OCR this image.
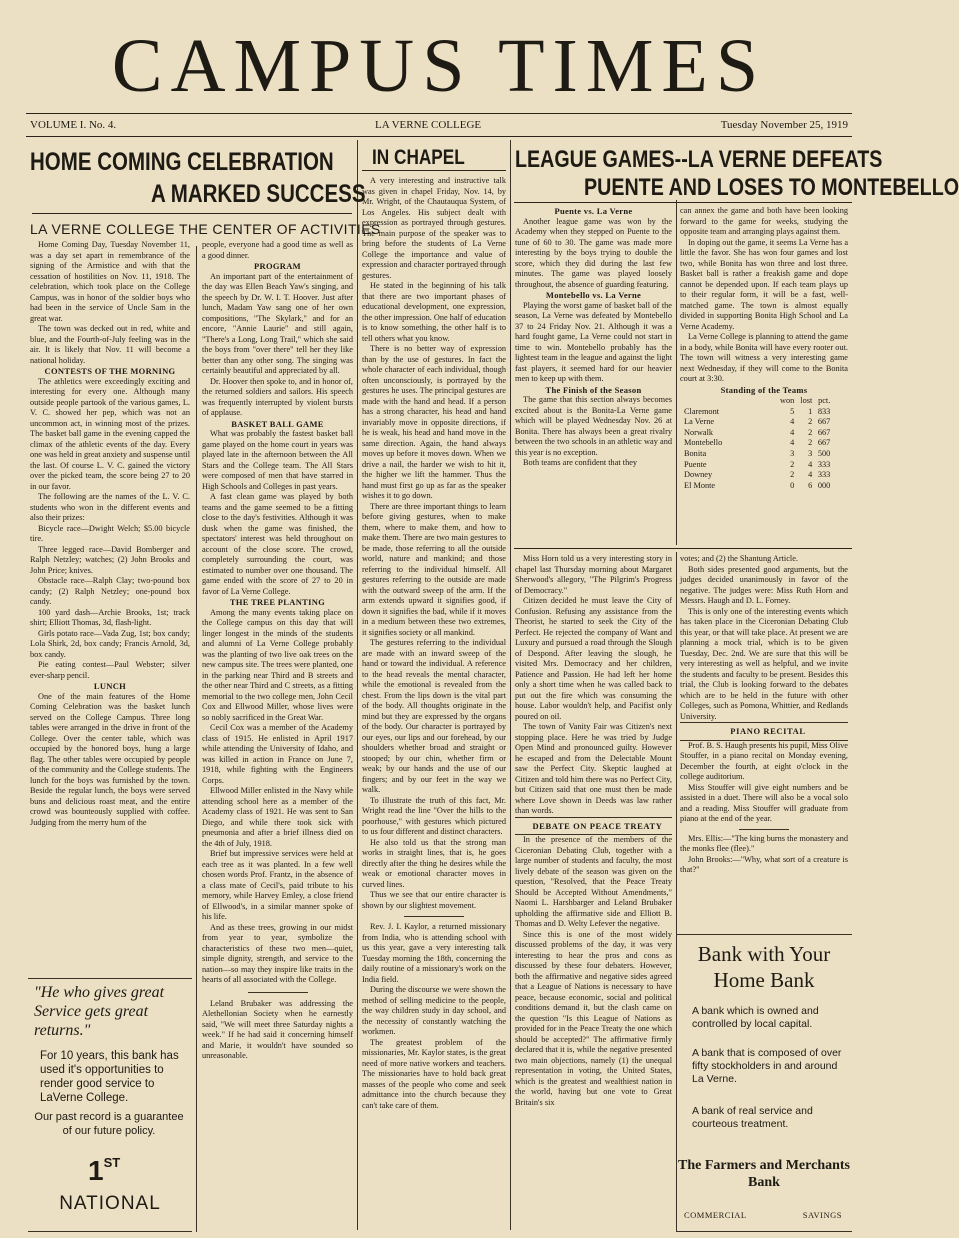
CAMPUS TIMES
VOLUME I. No. 4.	LA VERNE COLLEGE	Tuesday November 25, 1919
HOME COMING CELEBRATION
A MARKED SUCCESS
LA VERNE COLLEGE THE CENTER OF ACTIVITIES

Home Coming Day, Tuesday November 11, was a day set apart in remembrance of the signing of the Armistice and with that the cessation of hostilities on Nov. 11, 1918. The celebration, which took place on the College Campus, was in honor of the soldier boys who had been in the service of Uncle Sam in the great war.

The town was decked out in red, white and blue, and the Fourth-of-July feeling was in the air. It is likely that Nov. 11 will become a national holiday.

CONTESTS OF THE MORNING

The athletics were exceedingly exciting and interesting for every one. Although many outside people partook of the various games, L. V. C. showed her pep, which was not an uncommon act, in winning most of the prizes. The basket ball game in the evening capped the climax of the athletic events of the day. Every one was held in great anxiety and suspense until the last. Of course L. V. C. gained the victory over the picked team, the score being 27 to 20 in our favor.

The following are the names of the L. V. C. students who won in the different events and also their prizes:

Bicycle race—Dwight Welch; $5.00 bicycle tire.

Three legged race—David Bomberger and Ralph Netzley; watches; (2) John Brooks and John Price; knives.

Obstacle race—Ralph Clay; two-pound box candy; (2) Ralph Netzley; one-pound box candy.

100 yard dash—Archie Brooks, 1st; track shirt; Elliott Thomas, 3d, flash-light.

Girls potato race—Vada Zug, 1st; box candy; Lola Shirk, 2d, box candy; Francis Arnold, 3d, box candy.

Pie eating contest—Paul Webster; silver ever-sharp pencil.

LUNCH

One of the main features of the Home Coming Celebration was the basket lunch served on the College Campus. Three long tables were arranged in the drive in front of the College. Over the center table, which was occupied by the honored boys, hung a large flag. The other tables were occupied by people of the community and the College students. The lunch for the boys was furnished by the town. Beside the regular lunch, the boys were served buns and delicious roast meat, and the entire crowd was bounteously supplied with coffee. Judging from the merry hum of the

people, everyone had a good time as well as a good dinner.

PROGRAM

An important part of the entertainment of the day was Ellen Beach Yaw's singing, and the speech by Dr. W. I. T. Hoover. Just after lunch, Madam Yaw sang one of her own compositions, "The Skylark," and for an encore, "Annie Laurie" and still again, "There's a Long, Long Trail," which she said the boys from "over there" tell her they like better than any other song. The singing was certainly beautiful and appreciated by all.

Dr. Hoover then spoke to, and in honor of, the returned soldiers and sailors. His speech was frequently interrupted by violent bursts of applause.

BASKET BALL GAME

What was probably the fastest basket ball game played on the home court in years was played late in the afternoon between the All Stars and the College team. The All Stars were composed of men that have starred in High Schools and Colleges in past years.

A fast clean game was played by both teams and the game seemed to be a fitting close to the day's festivities. Although it was dusk when the game was finished, the spectators' interest was held throughout on account of the close score. The crowd, completely surrounding the court, was estimated to number over one thousand. The game ended with the score of 27 to 20 in favor of La Verne College.

THE TREE PLANTING

Among the many events taking place on the College campus on this day that will linger longest in the minds of the students and alumni of La Verne College probably was the planting of two live oak trees on the new campus site. The trees were planted, one in the parking near Third and B streets and the other near Third and C streets, as a fitting memorial to the two college men, John Cecil Cox and Ellwood Miller, whose lives were so nobly sacrificed in the Great War.

Cecil Cox was a member of the Academy class of 1915. He enlisted in April 1917 while attending the University of Idaho, and was killed in action in France on June 7, 1918, while fighting with the Engineers Corps.

Ellwood Miller enlisted in the Navy while attending school here as a member of the Academy class of 1921. He was sent to San Diego, and while there took sick with pneumonia and after a brief illness died on the 4th of July, 1918.

Brief but impressive services were held at each tree as it was planted. In a few well chosen words Prof. Frantz, in the absence of a class mate of Cecil's, paid tribute to his memory, while Harvey Emley, a close friend of Ellwood's, in a similar manner spoke of his life.

And as these trees, growing in our midst from year to year, symbolize the characteristics of these two men—quiet, simple dignity, strength, and service to the nation—so may they inspire like traits in the hearts of all associated with the College.

Leland Brubaker was addressing the Alethellonian Society when he earnestly said, "We will meet three Saturday nights a week." If he had said it concerning himself and Marie, it wouldn't have sounded so unreasonable.

"He who gives great Service gets great returns."
For 10 years, this bank has used it's opportunities to render good service to LaVerne College.
Our past record is a guarantee of our future policy.
1ST
NATIONAL
IN CHAPEL

A very interesting and instructive talk was given in chapel Friday, Nov. 14, by Mr. Wright, of the Chautauqua System, of Los Angeles. His subject dealt with expression as portrayed through gestures. The main purpose of the speaker was to bring before the students of La Verne College the importance and value of expression and character portrayed through gestures.

He stated in the beginning of his talk that there are two important phases of educational development, one expression, the other impression. One half of education is to know something, the other half is to tell others what you know.

There is no better way of expression than by the use of gestures. In fact the whole character of each individual, though often unconsciously, is portrayed by the gestures he uses. The principal gestures are made with the hand and head. If a person has a strong character, his head and hand invariably move in opposite directions, if he is weak, his head and hand move in the same direction. Again, the hand always moves up before it moves down. When we drive a nail, the harder we wish to hit it, the higher we lift the hammer. Thus the hand must first go up as far as the speaker wishes it to go down.

There are three important things to learn before giving gestures, when to make them, where to make them, and how to make them. There are two main gestures to be made, those referring to all the outside world, nature and mankind; and those referring to the individual himself. All gestures referring to the outside are made with the outward sweep of the arm. If the arm extends upward it signifies good, if down it signifies the bad, while if it moves in a medium between these two extremes, it signifies society or all mankind.

The gestures referring to the individual are made with an inward sweep of the hand or toward the individual. A reference to the head reveals the mental character, while the emotional is revealed from the chest. From the lips down is the vital part of the body. All thoughts originate in the mind but they are expressed by the organs of the body. Our character is portrayed by our eyes, our lips and our forehead, by our shoulders whether broad and straight or stooped; by our chin, whether firm or weak; by our hands and the use of our fingers; and by our feet in the way we walk.

To illustrate the truth of this fact, Mr. Wright read the line "Over the hills to the poorhouse," with gestures which pictured to us four different and distinct characters.

He also told us that the strong man works in straight lines, that is, he goes directly after the thing he desires while the weak or emotional character moves in curved lines.

Thus we see that our entire character is shown by our slightest movement.

Rev. J. I. Kaylor, a returned missionary from India, who is attending school with us this year, gave a very interesting talk Tuesday morning the 18th, concerning the daily routine of a missionary's work on the India field.

During the discourse we were shown the method of selling medicine to the people, the way children study in day school, and the necessity of constantly watching the workmen.

The greatest problem of the missionaries, Mr. Kaylor states, is the great need of more native workers and teachers. The missionaries have to hold back great masses of the people who come and seek admittance into the church because they can't take care of them.

LEAGUE GAMES--LA VERNE DEFEATS
PUENTE AND LOSES TO MONTEBELLO

Puente vs. La Verne

Another league game was won by the Academy when they stepped on Puente to the tune of 60 to 30. The game was made more interesting by the boys trying to double the score, which they did during the last few minutes. The game was played loosely throughout, the absence of guarding featuring.

Montebello vs. La Verne

Playing the worst game of basket ball of the season, La Verne was defeated by Montebello 37 to 24 Friday Nov. 21. Although it was a hard fought game, La Verne could not start in time to win. Montebello probably has the lightest team in the league and against the light fast players, it seemed hard for our heavier men to keep up with them.

The Finish of the Season

The game that this section always becomes excited about is the Bonita-La Verne game which will be played Wednesday Nov. 26 at Bonita. There has always been a great rivalry between the two schools in an athletic way and this year is no exception.

Both teams are confident that they

can annex the game and both have been looking forward to the game for weeks, studying the opposite team and arranging plays against them.

In doping out the game, it seems La Verne has a little the favor. She has won four games and lost two, while Bonita has won three and lost three. Basket ball is rather a freakish game and dope cannot be depended upon. If each team plays up to their regular form, it will be a fast, well-matched game. The town is almost equally divided in supporting Bonita High School and La Verne Academy.

La Verne College is planning to attend the game in a body, while Bonita will have every rooter out. The town will witness a very interesting game next Wednesday, if they will come to the Bonita court at 3:30.

Standing of the Teams

	won	lost	pct.
Claremont	5	1	833
La Verne	4	2	667
Norwalk	4	2	667
Montebello	4	2	667
Bonita	3	3	500
Puente	2	4	333
Downey	2	4	333
El Monte	0	6	000

Miss Horn told us a very interesting story in chapel last Thursday morning about Margaret Sherwood's allegory, "The Pilgrim's Progress of Democracy."

Citizen decided he must leave the City of Confusion. Refusing any assistance from the Theorist, he started to seek the City of the Perfect. He rejected the company of Want and Luxury and pursued a road through the Slough of Despond. After leaving the slough, he visited Mrs. Democracy and her children, Patience and Passion. He had left her home only a short time when he was called back to put out the fire which was consuming the house. Labor wouldn't help, and Pacifist only poured on oil.

The town of Vanity Fair was Citizen's next stopping place. Here he was tried by Judge Open Mind and pronounced guilty. However he escaped and from the Delectable Mount saw the Perfect City. Skeptic laughed at Citizen and told him there was no Perfect City, but Citizen said that one must then be made where Love shown in Deeds was law rather than words.

DEBATE ON PEACE TREATY

In the presence of the members of the Ciceronian Debating Club, together with a large number of students and faculty, the most lively debate of the season was given on the question, "Resolved, that the Peace Treaty Should be Accepted Without Amendments," Naomi L. Harshbarger and Leland Brubaker upholding the affirmative side and Elliott B. Thomas and D. Welty Lefever the negative.

Since this is one of the most widely discussed problems of the day, it was very interesting to hear the pros and cons as discussed by these four debaters. However, both the affirmative and negative sides agreed that a League of Nations is necessary to have peace, because economic, social and political conditions demand it, but the clash came on the question "Is this League of Nations as provided for in the Peace Treaty the one which should be accepted?" The affirmative firmly declared that it is, while the negative presented two main objections, namely (1) the unequal representation in voting, the United States, which is the greatest and wealthiest nation in the world, having but one vote to Great Britain's six

votes; and (2) the Shantung Article.

Both sides presented good arguments, but the judges decided unanimously in favor of the negative. The judges were: Miss Ruth Horn and Messrs. Haugh and D. L. Forney.

This is only one of the interesting events which has taken place in the Ciceronian Debating Club this year, or that will take place. At present we are planning a mock trial, which is to be given Tuesday, Dec. 2nd. We are sure that this will be very interesting as well as helpful, and we invite the students and faculty to be present. Besides this trial, the Club is looking forward to the debates which are to be held in the future with other Colleges, such as Pomona, Whittier, and Redlands University.

PIANO RECITAL

Prof. B. S. Haugh presents his pupil, Miss Olive Stouffer, in a piano recital on Monday evening, December the fourth, at eight o'clock in the college auditorium.

Miss Stouffer will give eight numbers and be assisted in a duet. There will also be a vocal solo and a reading. Miss Stouffer will graduate from piano at the end of the year.

Mrs. Ellis:—"The king burns the monastery and the monks flee (flee)."

John Brooks:—"Why, what sort of a creature is that?"

Bank with Your Home Bank
A bank which is owned and controlled by local capital.
A bank that is composed of over fifty stockholders in and around La Verne.
A bank of real service and courteous treatment.
The Farmers and Merchants Bank
COMMERCIAL	SAVINGS
